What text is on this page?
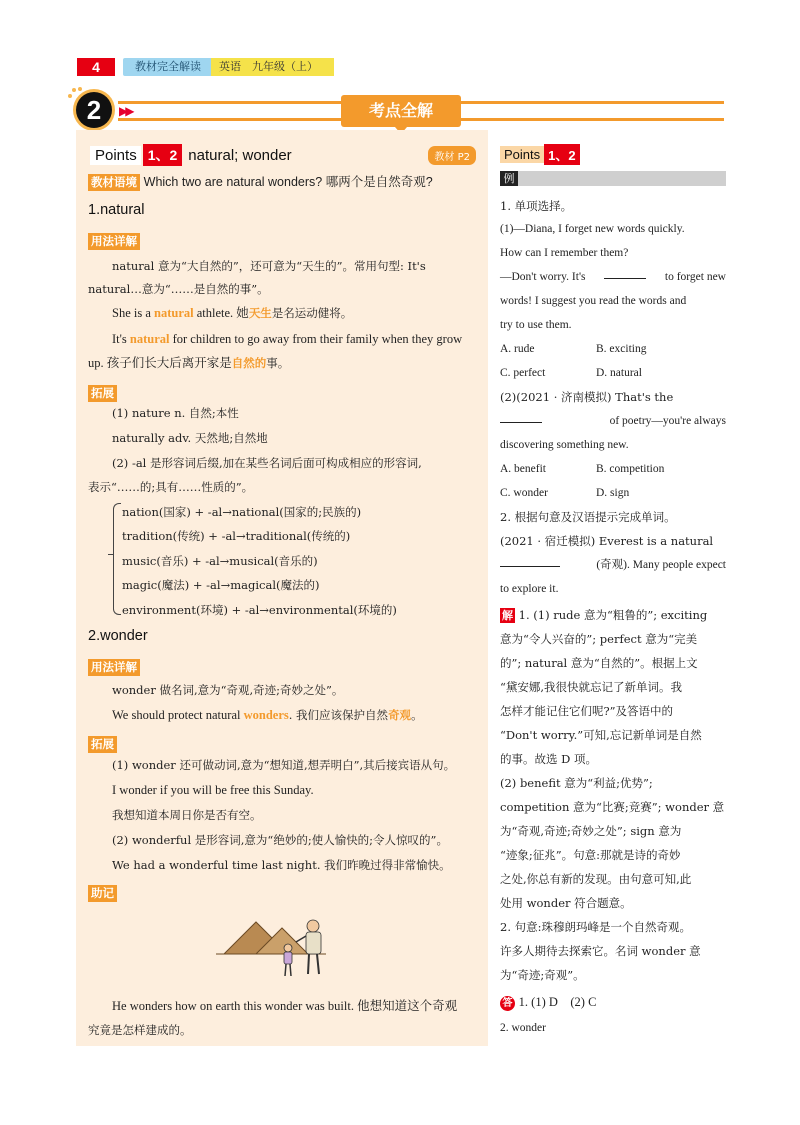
4	教材完全解读	英语　九年级（上）
2	▶▶	考点全解
Points 1、2 natural; wonder	教材 P2
教材语境 Which two are natural wonders? 哪两个是自然奇观?
1.natural
用法详解
natural 意为“大自然的”，还可意为“天生的”。常用句型: It's
natural…意为“……是自然的事”。
She is a natural athlete. 她天生是名运动健将。
It's natural for children to go away from their family when they grow
up. 孩子们长大后离开家是自然的事。
拓展
(1) nature n. 自然;本性
naturally adv. 天然地;自然地
(2) -al 是形容词后缀,加在某些名词后面可构成相应的形容词,
表示“……的;具有……性质的”。
nation(国家) + -al→national(国家的;民族的)
tradition(传统) + -al→traditional(传统的)
music(音乐) + -al→musical(音乐的)
magic(魔法) + -al→magical(魔法的)
environment(环境) + -al→environmental(环境的)
2.wonder
用法详解
wonder 做名词,意为“奇观,奇迹;奇妙之处”。
We should protect natural wonders. 我们应该保护自然奇观。
拓展
(1) wonder 还可做动词,意为“想知道,想弄明白”,其后接宾语从句。
I wonder if you will be free this Sunday.
我想知道本周日你是否有空。
(2) wonderful 是形容词,意为“绝妙的;使人愉快的;令人惊叹的”。
We had a wonderful time last night. 我们昨晚过得非常愉快。
助记
He wonders how on earth this wonder was built. 他想知道这个奇观
究竟是怎样建成的。
Points 1、2
例
1. 单项选择。
(1)—Diana, I forget new words quickly.
How can I remember them?
—Don't worry. It's	to forget new
words! I suggest you read the words and
try to use them.
A. rude	B. exciting
C. perfect	D. natural
(2)(2021 · 济南模拟) That's the
of poetry—you're always
discovering something new.
A. benefit	B. competition
C. wonder	D. sign
2. 根据句意及汉语提示完成单词。
(2021 · 宿迁模拟) Everest is a natural
(奇观). Many people expect
to explore it.
解 1. (1) rude 意为“粗鲁的”; exciting
意为“令人兴奋的”; perfect 意为“完美
的”; natural 意为“自然的”。根据上文
“黛安娜,我很快就忘记了新单词。我
怎样才能记住它们呢?”及答语中的
“Don't worry.”可知,忘记新单词是自然
的事。故选 D 项。
(2) benefit 意为“利益;优势”;
competition 意为“比赛;竞赛”; wonder 意
为“奇观,奇迹;奇妙之处”; sign 意为
“迹象;征兆”。句意:那就是诗的奇妙
之处,你总有新的发现。由句意可知,此
处用 wonder 符合题意。
2. 句意:珠穆朗玛峰是一个自然奇观。
许多人期待去探索它。名词 wonder 意
为“奇迹;奇观”。
答 1. (1) D　(2) C
2. wonder
